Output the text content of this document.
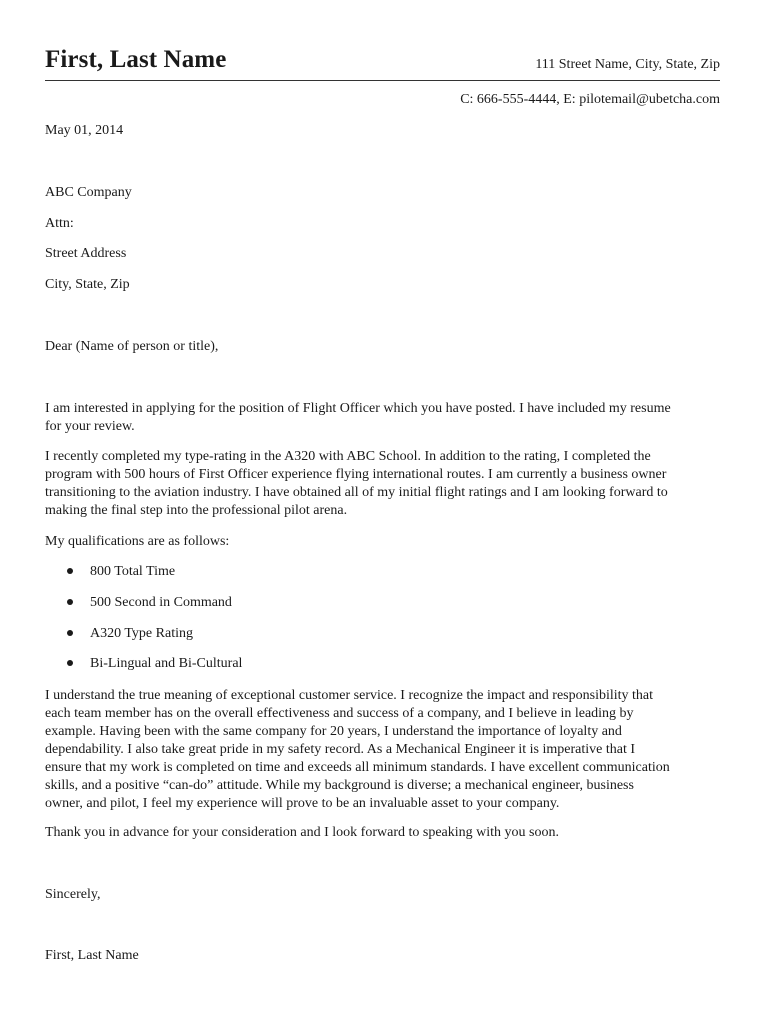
First, Last Name	111 Street Name, City, State, Zip
C: 666-555-4444, E: pilotemail@ubetcha.com
May 01, 2014
ABC Company
Attn:
Street Address
City, State, Zip
Dear (Name of person or title),
I am interested in applying for the position of Flight Officer which you have posted. I have included my resume
for your review.
I recently completed my type-rating in the A320 with ABC School. In addition to the rating, I completed the
program with 500 hours of First Officer experience flying international routes. I am currently a business owner
transitioning to the aviation industry. I have obtained all of my initial flight ratings and I am looking forward to
making the final step into the professional pilot arena.
My qualifications are as follows:
800 Total Time
500 Second in Command
A320 Type Rating
Bi-Lingual and Bi-Cultural
I understand the true meaning of exceptional customer service. I recognize the impact and responsibility that
each team member has on the overall effectiveness and success of a company, and I believe in leading by
example. Having been with the same company for 20 years, I understand the importance of loyalty and
dependability. I also take great pride in my safety record. As a Mechanical Engineer it is imperative that I
ensure that my work is completed on time and exceeds all minimum standards. I have excellent communication
skills, and a positive “can-do” attitude. While my background is diverse; a mechanical engineer, business
owner, and pilot, I feel my experience will prove to be an invaluable asset to your company.
Thank you in advance for your consideration and I look forward to speaking with you soon.
Sincerely,
First, Last Name
